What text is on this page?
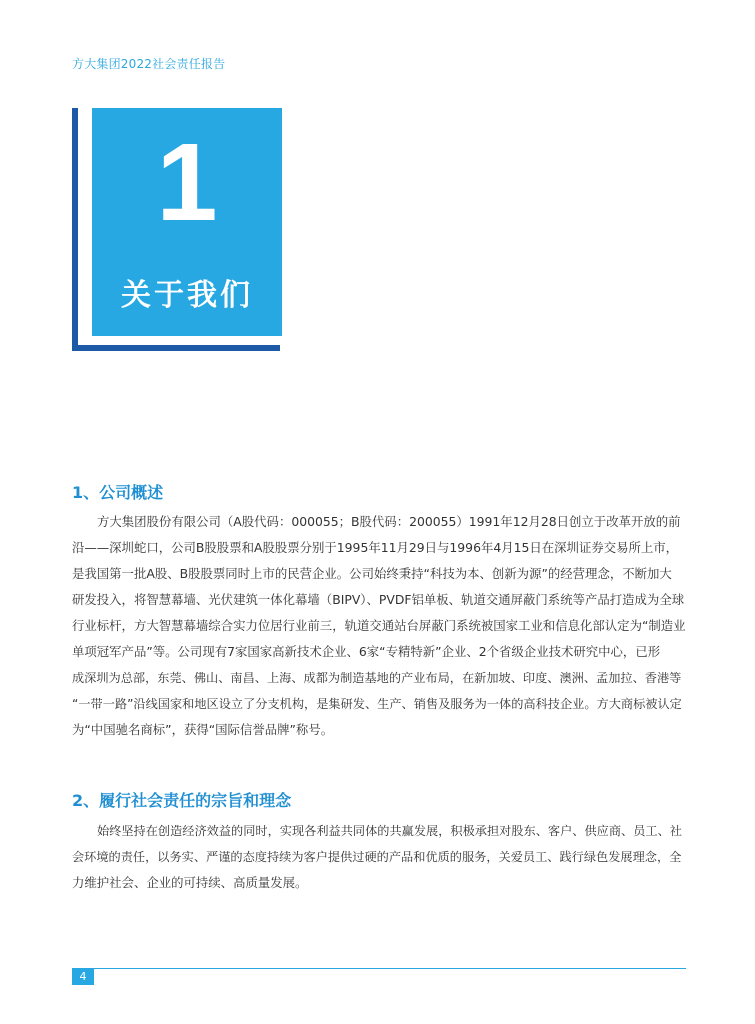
方大集团2022社会责任报告
1
关于我们
1、公司概述

方大集团股份有限公司（A股代码：000055；B股代码：200055）1991年12月28日创立于改革开放的前
沿——深圳蛇口，公司B股股票和A股股票分别于1995年11月29日与1996年4月15日在深圳证券交易所上市，
是我国第一批A股、B股股票同时上市的民营企业。公司始终秉持“科技为本、创新为源”的经营理念，不断加大
研发投入，将智慧幕墙、光伏建筑一体化幕墙（BIPV）、PVDF铝单板、轨道交通屏蔽门系统等产品打造成为全球
行业标杆，方大智慧幕墙综合实力位居行业前三，轨道交通站台屏蔽门系统被国家工业和信息化部认定为“制造业
单项冠军产品”等。公司现有7家国家高新技术企业、6家“专精特新”企业、2个省级企业技术研究中心，已形
成深圳为总部，东莞、佛山、南昌、上海、成都为制造基地的产业布局，在新加坡、印度、澳洲、孟加拉、香港等
“一带一路”沿线国家和地区设立了分支机构，是集研发、生产、销售及服务为一体的高科技企业。方大商标被认定
为“中国驰名商标”，获得“国际信誉品牌”称号。

2、履行社会责任的宗旨和理念

始终坚持在创造经济效益的同时，实现各利益共同体的共赢发展，积极承担对股东、客户、供应商、员工、社
会环境的责任，以务实、严谨的态度持续为客户提供过硬的产品和优质的服务，关爱员工、践行绿色发展理念，全
力维护社会、企业的可持续、高质量发展。

4
